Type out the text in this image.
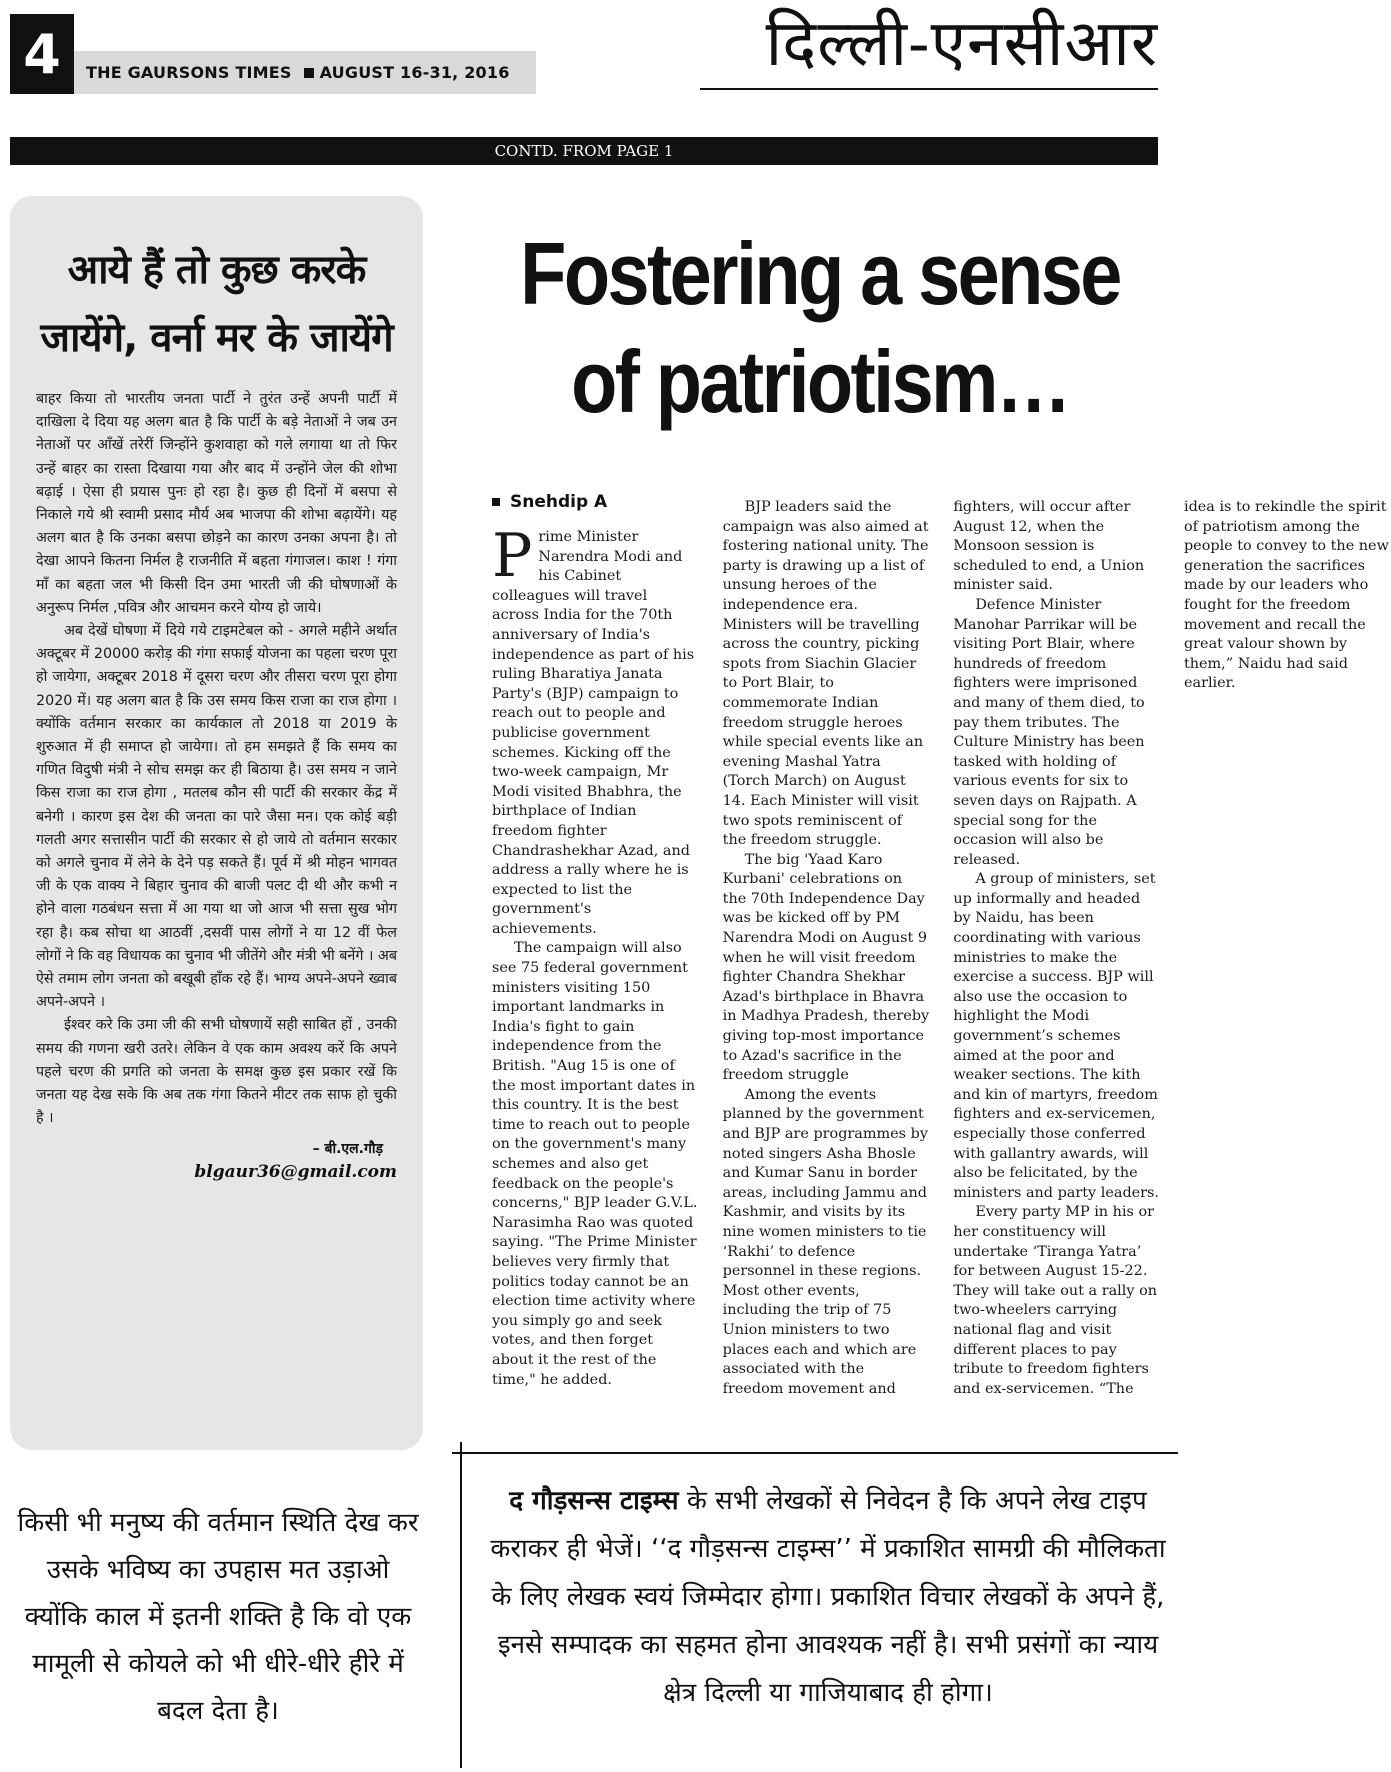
4	THE GAURSONS TIMES AUGUST 16-31, 2016	दिल्ली-एनसीआर
CONTD. FROM PAGE 1
आये हैं तो कुछ करके जायेंगे, वर्ना मर के जायेंगे

बाहर किया तो भारतीय जनता पार्टी ने तुरंत उन्हें अपनी पार्टी में दाखिला दे दिया यह अलग बात है कि पार्टी के बड़े नेताओं ने जब उन नेताओं पर आँखें तरेरीं जिन्होंने कुशवाहा को गले लगाया था तो फिर उन्हें बाहर का रास्ता दिखाया गया और बाद में उन्होंने जेल की शोभा बढ़ाई । ऐसा ही प्रयास पुनः हो रहा है। कुछ ही दिनों में बसपा से निकाले गये श्री स्वामी प्रसाद मौर्य अब भाजपा की शोभा बढ़ायेंगे। यह अलग बात है कि उनका बसपा छोड़ने का कारण उनका अपना है। तो देखा आपने कितना निर्मल है राजनीति में बहता गंगाजल। काश ! गंगा माँ का बहता जल भी किसी दिन उमा भारती जी की घोषणाओं के अनुरूप निर्मल ,पवित्र और आचमन करने योग्य हो जाये।

अब देखें घोषणा में दिये गये टाइमटेबल को - अगले महीने अर्थात अक्टूबर में 20000 करोड़ की गंगा सफाई योजना का पहला चरण पूरा हो जायेगा, अक्टूबर 2018 में दूसरा चरण और तीसरा चरण पूरा होगा 2020 में। यह अलग बात है कि उस समय किस राजा का राज होगा । क्योंकि वर्तमान सरकार का कार्यकाल तो 2018 या 2019 के शुरुआत में ही समाप्त हो जायेगा। तो हम समझते हैं कि समय का गणित विदुषी मंत्री ने सोच समझ कर ही बिठाया है। उस समय न जाने किस राजा का राज होगा , मतलब कौन सी पार्टी की सरकार केंद्र में बनेगी । कारण इस देश की जनता का पारे जैसा मन। एक कोई बड़ी गलती अगर सत्तासीन पार्टी की सरकार से हो जाये तो वर्तमान सरकार को अगले चुनाव में लेने के देने पड़ सकते हैं। पूर्व में श्री मोहन भागवत जी के एक वाक्य ने बिहार चुनाव की बाजी पलट दी थी और कभी न होने वाला गठबंधन सत्ता में आ गया था जो आज भी सत्ता सुख भोग रहा है। कब सोचा था आठवीं ,दसवीं पास लोगों ने या 12 वीं फेल लोगों ने कि वह विधायक का चुनाव भी जीतेंगे और मंत्री भी बनेंगे । अब ऐसे तमाम लोग जनता को बखूबी हाँक रहे हैं। भाग्य अपने-अपने ख्वाब अपने-अपने ।

ईश्वर करे कि उमा जी की सभी घोषणायें सही साबित हों , उनकी समय की गणना खरी उतरे। लेकिन वे एक काम अवश्य करें कि अपने पहले चरण की प्रगति को जनता के समक्ष कुछ इस प्रकार रखें कि जनता यह देख सके कि अब तक गंगा कितने मीटर तक साफ हो चुकी है ।

– बी.एल.गौड़
blgaur36@gmail.com
Fostering a sense of patriotism…
Snehdip A

Prime Minister Narendra Modi and his Cabinet colleagues will travel across India for the 70th anniversary of India's independence as part of his ruling Bharatiya Janata Party's (BJP) campaign to reach out to people and publicise government schemes. Kicking off the two-week campaign, Mr Modi visited Bhabhra, the birthplace of Indian freedom fighter Chandrashekhar Azad, and address a rally where he is expected to list the government's achievements.

The campaign will also see 75 federal government ministers visiting 150 important landmarks in India's fight to gain independence from the British. "Aug 15 is one of the most important dates in this country. It is the best time to reach out to people on the government's many schemes and also get feedback on the people's concerns," BJP leader G.V.L. Narasimha Rao was quoted saying. "The Prime Minister believes very firmly that politics today cannot be an election time activity where you simply go and seek votes, and then forget about it the rest of the time," he added.

BJP leaders said the campaign was also aimed at fostering national unity. The party is drawing up a list of unsung heroes of the independence era. Ministers will be travelling across the country, picking spots from Siachin Glacier to Port Blair, to commemorate Indian freedom struggle heroes while special events like an evening Mashal Yatra (Torch March) on August 14. Each Minister will visit two spots reminiscent of the freedom struggle.

The big 'Yaad Karo Kurbani' celebrations on the 70th Independence Day was be kicked off by PM Narendra Modi on August 9 when he will visit freedom fighter Chandra Shekhar Azad's birthplace in Bhavra in Madhya Pradesh, thereby giving top-most importance to Azad's sacrifice in the freedom struggle

Among the events planned by the government and BJP are programmes by noted singers Asha Bhosle and Kumar Sanu in border areas, including Jammu and Kashmir, and visits by its nine women ministers to tie ‘Rakhi’ to defence personnel in these regions. Most other events, including the trip of 75 Union ministers to two places each and which are associated with the freedom movement and fighters, will occur after August 12, when the Monsoon session is scheduled to end, a Union minister said.

Defence Minister Manohar Parrikar will be visiting Port Blair, where hundreds of freedom fighters were imprisoned and many of them died, to pay them tributes. The Culture Ministry has been tasked with holding of various events for six to seven days on Rajpath. A special song for the occasion will also be released.

A group of ministers, set up informally and headed by Naidu, has been coordinating with various ministries to make the exercise a success. BJP will also use the occasion to highlight the Modi government’s schemes aimed at the poor and weaker sections. The kith and kin of martyrs, freedom fighters and ex-servicemen, especially those conferred with gallantry awards, will also be felicitated, by the ministers and party leaders.

Every party MP in his or her constituency will undertake ‘Tiranga Yatra’ for between August 15-22. They will take out a rally on two-wheelers carrying national flag and visit different places to pay tribute to freedom fighters and ex-servicemen. “The idea is to rekindle the spirit of patriotism among the people to convey to the new generation the sacrifices made by our leaders who fought for the freedom movement and recall the great valour shown by them,” Naidu had said earlier.

किसी भी मनुष्य की वर्तमान स्थिति देख कर उसके भविष्य का उपहास मत उड़ाओ क्योंकि काल में इतनी शक्ति है कि वो एक मामूली से कोयले को भी धीरे-धीरे हीरे में बदल देता है।
द गौड़सन्स टाइम्स के सभी लेखकों से निवेदन है कि अपने लेख टाइप कराकर ही भेजें। ‘‘द गौड़सन्स टाइम्स’’ में प्रकाशित सामग्री की मौलिकता के लिए लेखक स्वयं जिम्मेदार होगा। प्रकाशित विचार लेखकों के अपने हैं, इनसे सम्पादक का सहमत होना आवश्यक नहीं है। सभी प्रसंगों का न्याय क्षेत्र दिल्ली या गाजियाबाद ही होगा।
